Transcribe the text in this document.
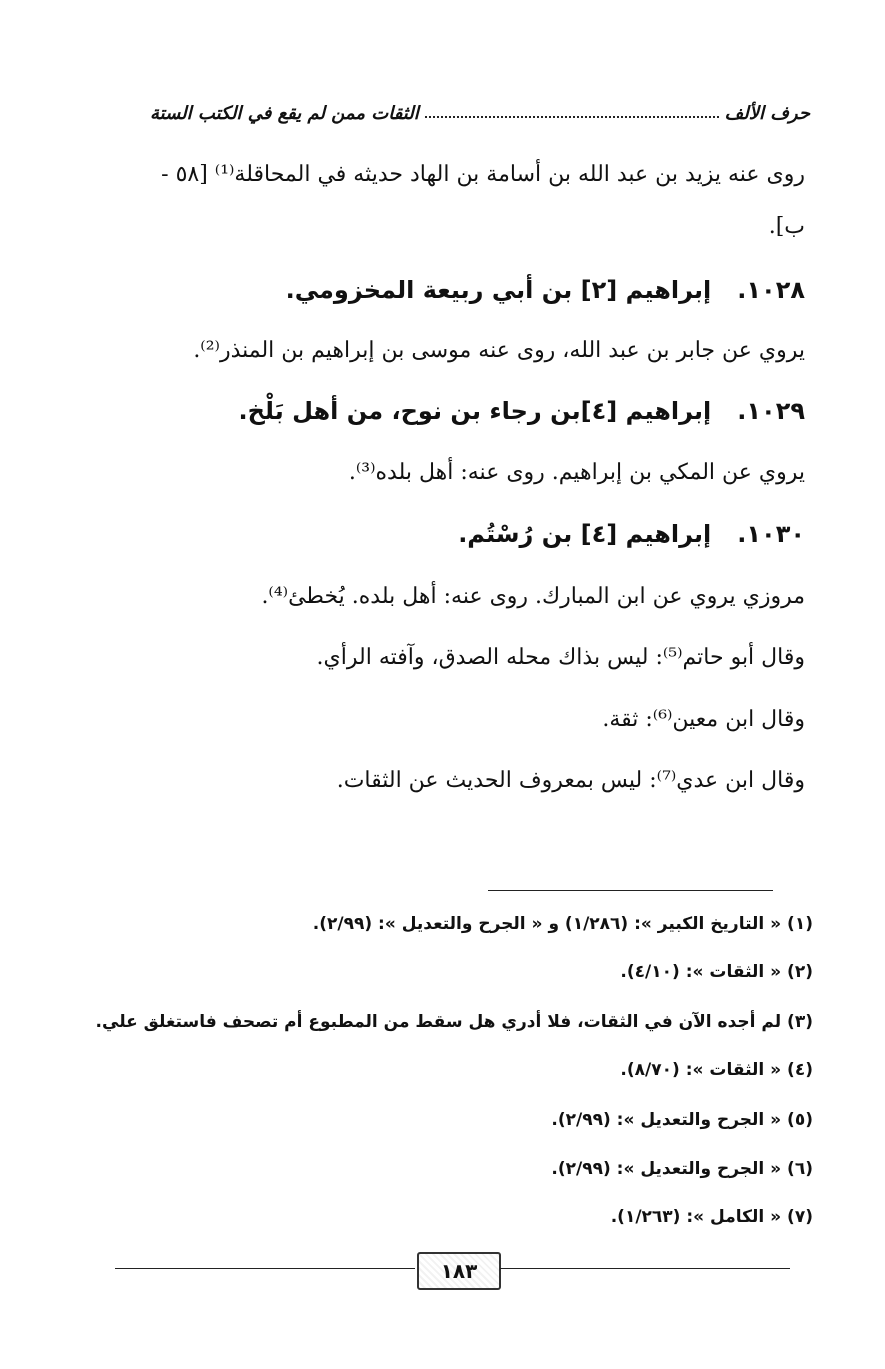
حرف الألف
الثقات ممن لم يقع في الكتب الستة
روى عنه يزيد بن عبد الله بن أسامة بن الهاد حديثه في المحاقلة⁽¹⁾ [٥٨ -
ب].
١٠٢٨.إبراهيم [٢] بن أبي ربيعة المخزومي.
يروي عن جابر بن عبد الله، روى عنه موسى بن إبراهيم بن المنذر⁽²⁾.
١٠٢٩.إبراهيم [٤]بن رجاء بن نوح، من أهل بَلْخ.
يروي عن المكي بن إبراهيم. روى عنه: أهل بلده⁽³⁾.
١٠٣٠.إبراهيم [٤] بن رُسْتُم.
مروزي يروي عن ابن المبارك. روى عنه: أهل بلده. يُخطئ⁽⁴⁾.
وقال أبو حاتم⁽⁵⁾: ليس بذاك محله الصدق، وآفته الرأي.
وقال ابن معين⁽⁶⁾: ثقة.
وقال ابن عدي⁽⁷⁾: ليس بمعروف الحديث عن الثقات.
(١) « التاريخ الكبير »: (١/٢٨٦) و « الجرح والتعديل »: (٢/٩٩).
(٢) « الثقات »: (٤/١٠).
(٣) لم أجده الآن في الثقات، فلا أدري هل سقط من المطبوع أم تصحف فاستغلق علي.
(٤) « الثقات »: (٨/٧٠).
(٥) « الجرح والتعديل »: (٢/٩٩).
(٦) « الجرح والتعديل »: (٢/٩٩).
(٧) « الكامل »: (١/٢٦٣).
١٨٣
